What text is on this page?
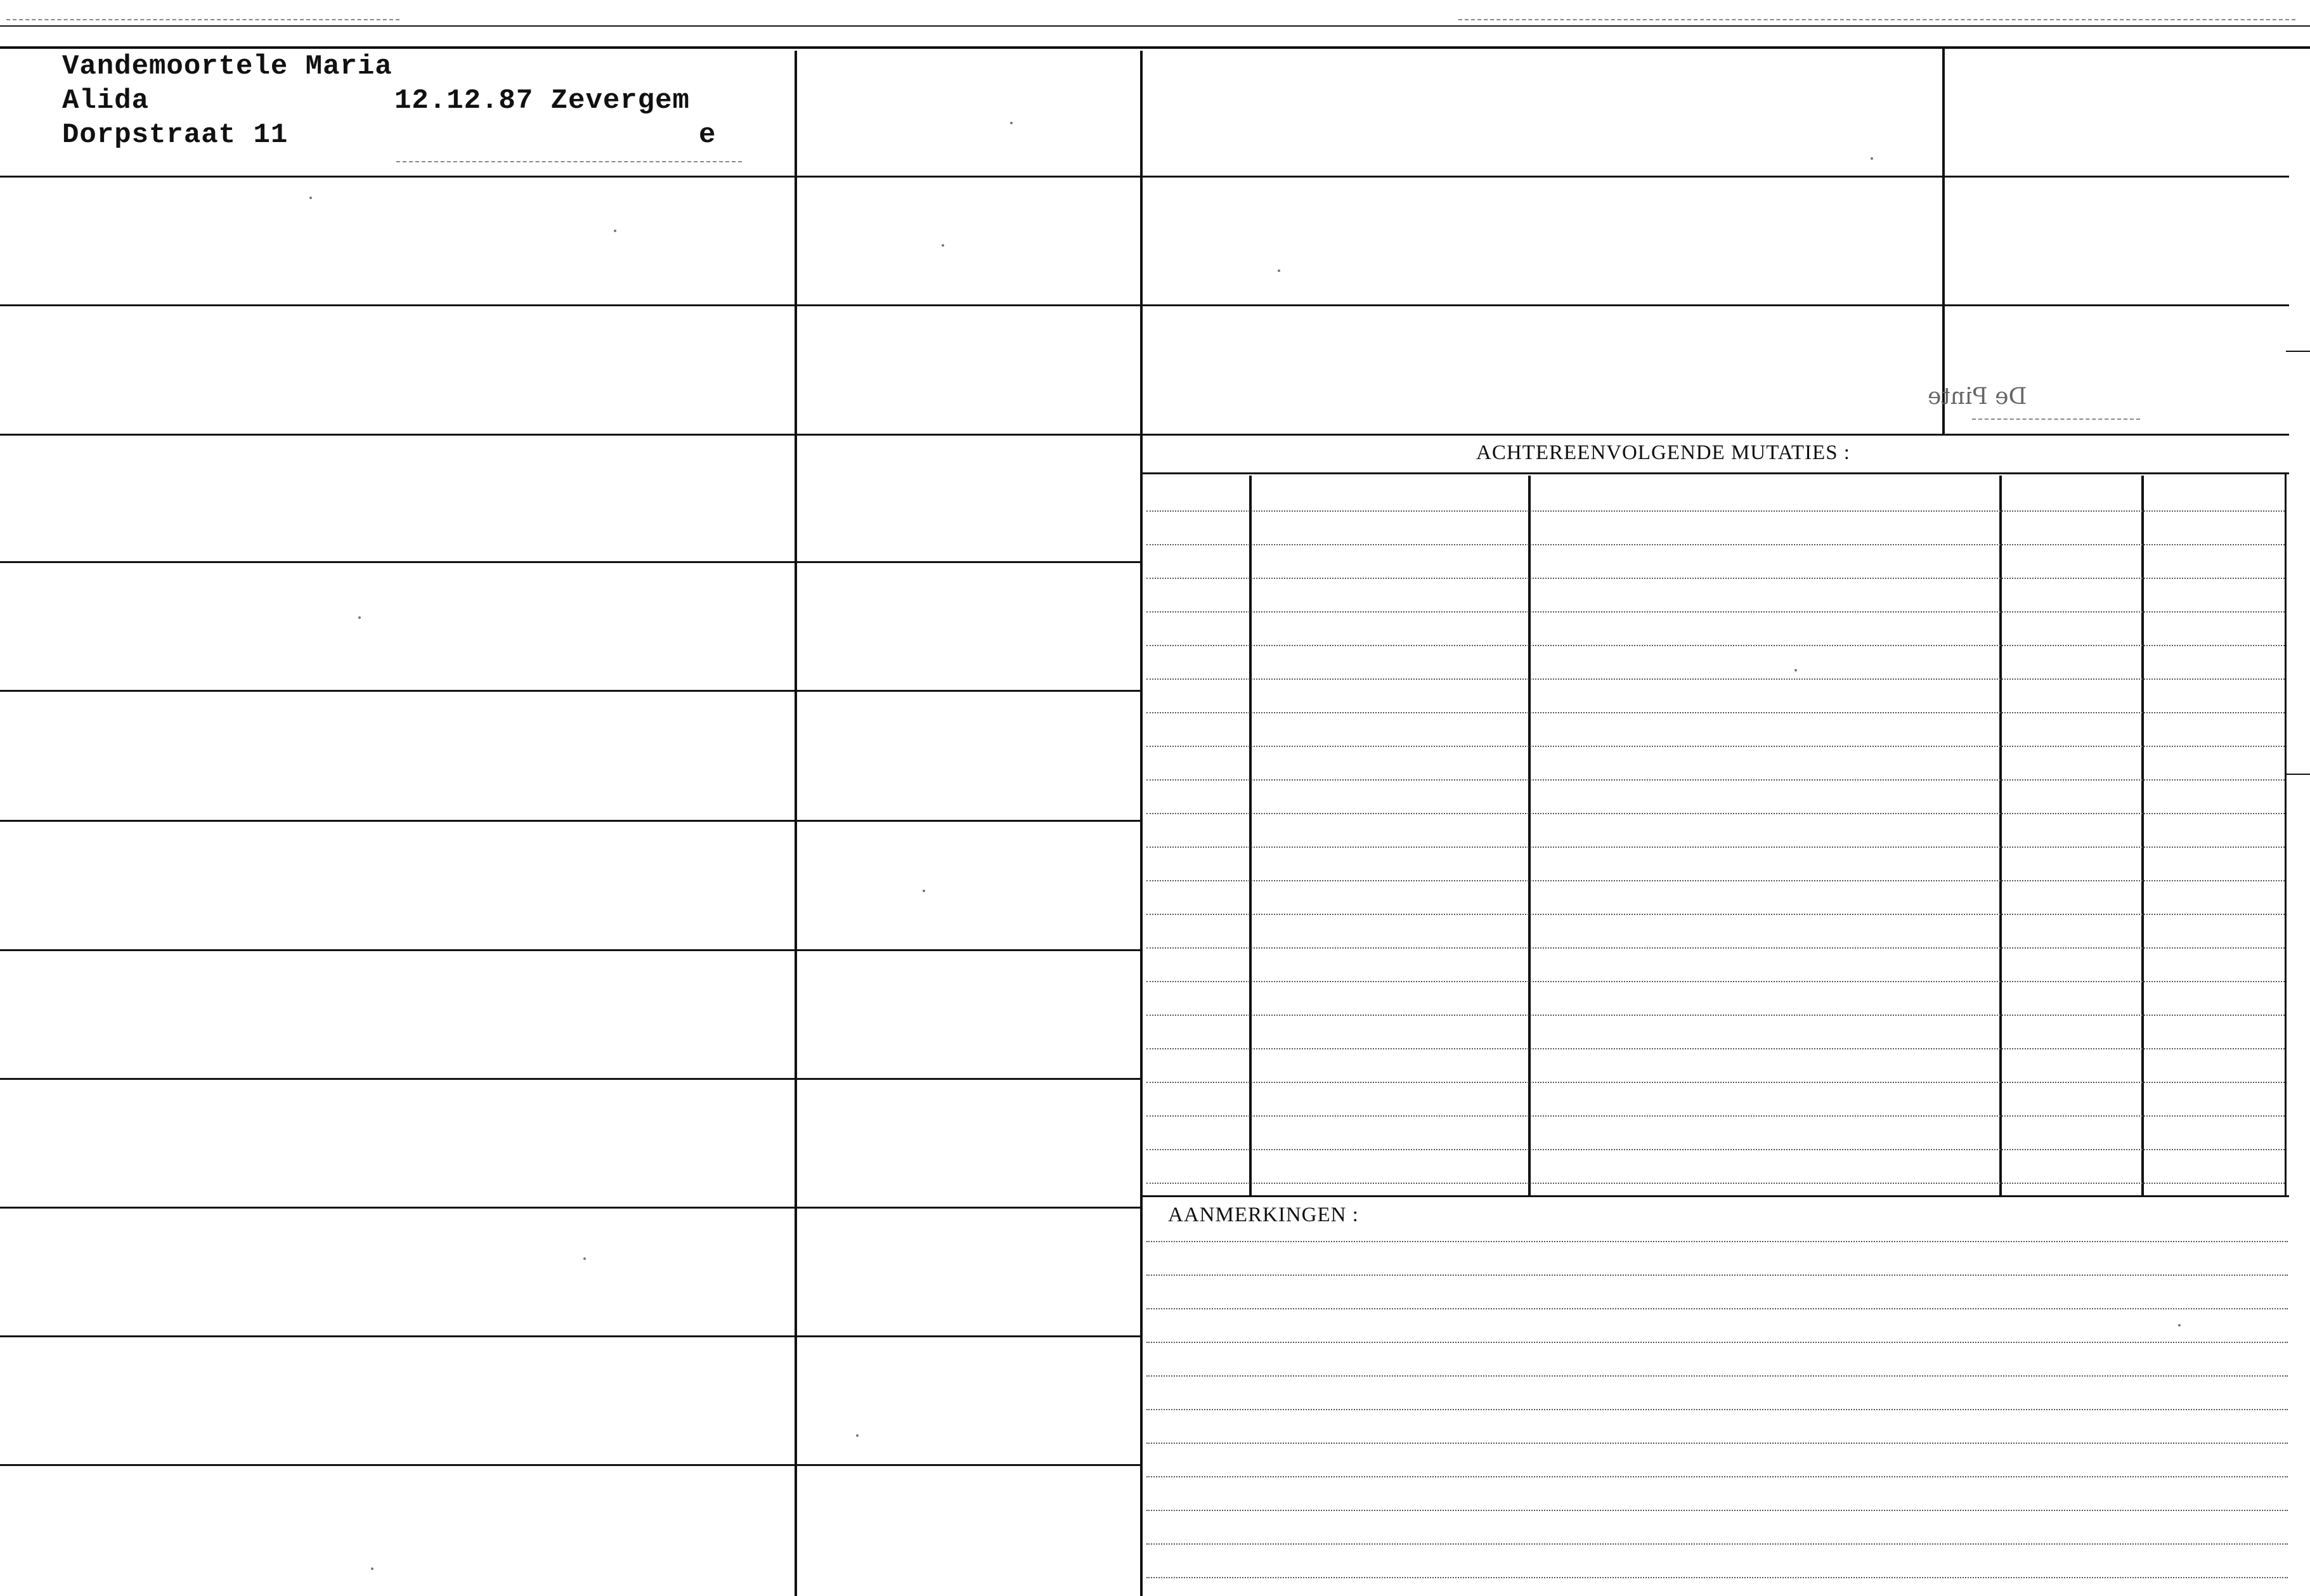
Vandemoortele Maria
Alida	12.12.87 Zevergem
Dorpstraat 11	e
ACHTEREENVOLGENDE MUTATIES :
AANMERKINGEN :
De Pinte
